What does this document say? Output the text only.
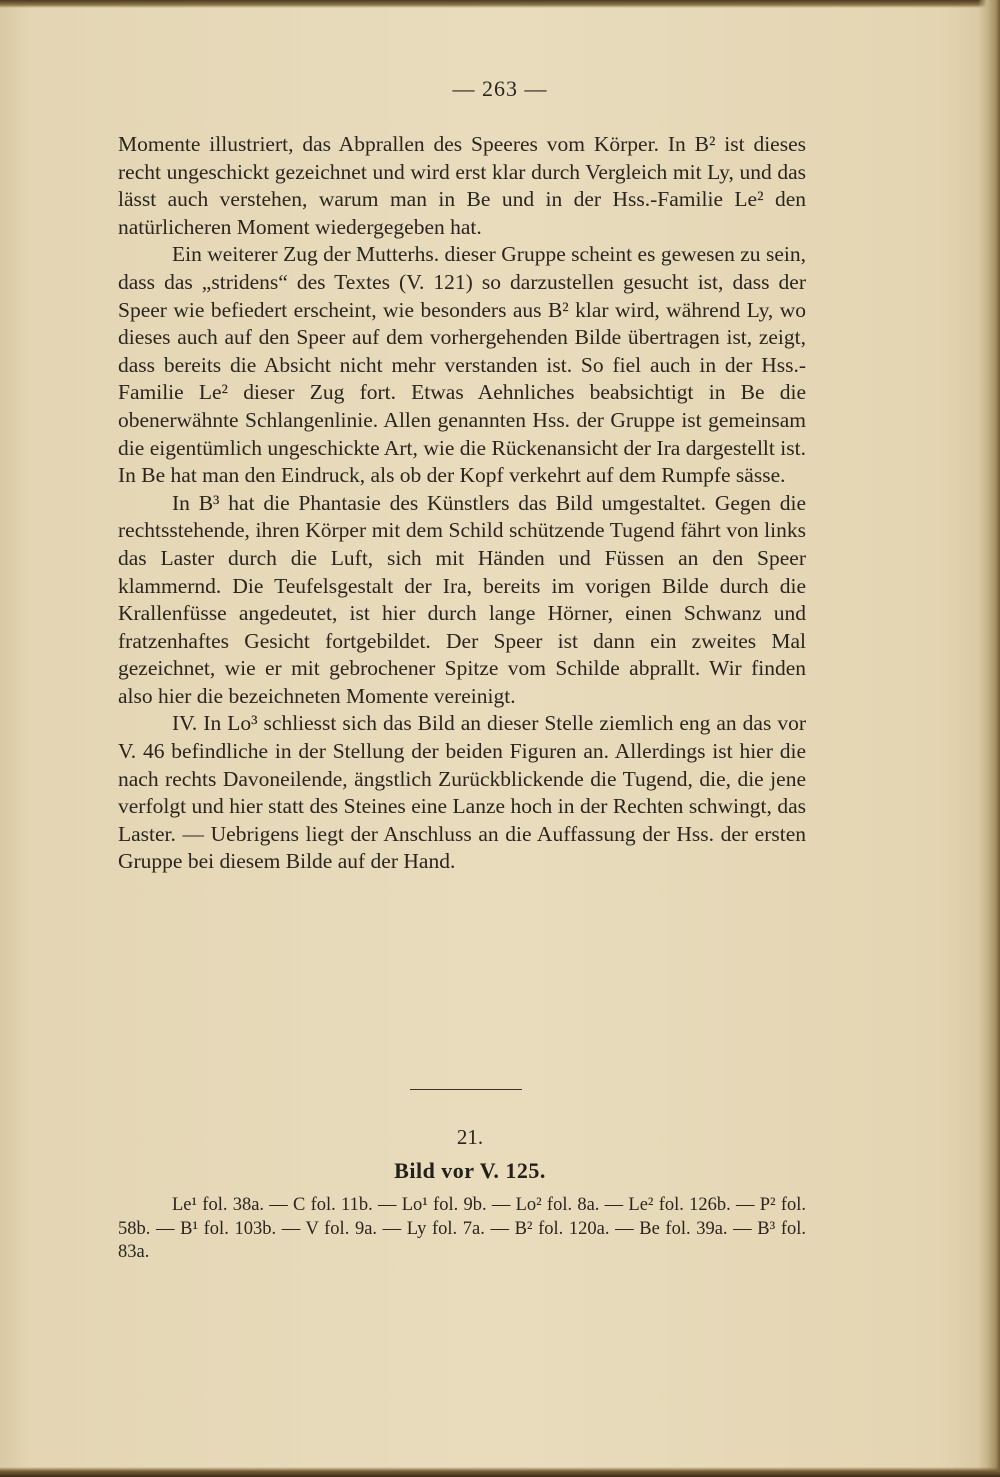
— 263 —

Momente illustriert, das Abprallen des Speeres vom Körper. In B² ist dieses recht ungeschickt gezeichnet und wird erst klar durch Vergleich mit Ly, und das lässt auch verstehen, warum man in Be und in der Hss.-Familie Le² den natürlicheren Moment wiedergegeben hat.

Ein weiterer Zug der Mutterhs. dieser Gruppe scheint es gewesen zu sein, dass das „stridens“ des Textes (V. 121) so darzustellen gesucht ist, dass der Speer wie befiedert erscheint, wie besonders aus B² klar wird, während Ly, wo dieses auch auf den Speer auf dem vorhergehenden Bilde übertragen ist, zeigt, dass bereits die Absicht nicht mehr verstanden ist. So fiel auch in der Hss.-Familie Le² dieser Zug fort. Etwas Aehnliches beabsichtigt in Be die obenerwähnte Schlangenlinie. Allen genannten Hss. der Gruppe ist gemeinsam die eigentümlich ungeschickte Art, wie die Rückenansicht der Ira dargestellt ist. In Be hat man den Eindruck, als ob der Kopf verkehrt auf dem Rumpfe sässe.

In B³ hat die Phantasie des Künstlers das Bild umgestaltet. Gegen die rechtsstehende, ihren Körper mit dem Schild schützende Tugend fährt von links das Laster durch die Luft, sich mit Händen und Füssen an den Speer klammernd. Die Teufelsgestalt der Ira, bereits im vorigen Bilde durch die Krallenfüsse angedeutet, ist hier durch lange Hörner, einen Schwanz und fratzenhaftes Gesicht fortgebildet. Der Speer ist dann ein zweites Mal gezeichnet, wie er mit gebrochener Spitze vom Schilde abprallt. Wir finden also hier die bezeichneten Momente vereinigt.

IV. In Lo³ schliesst sich das Bild an dieser Stelle ziemlich eng an das vor V. 46 befindliche in der Stellung der beiden Figuren an. Allerdings ist hier die nach rechts Davoneilende, ängstlich Zurückblickende die Tugend, die, die jene verfolgt und hier statt des Steines eine Lanze hoch in der Rechten schwingt, das Laster. — Uebrigens liegt der Anschluss an die Auffassung der Hss. der ersten Gruppe bei diesem Bilde auf der Hand.

21.
Bild vor V. 125.

Le¹ fol. 38a. — C fol. 11b. — Lo¹ fol. 9b. — Lo² fol. 8a. — Le² fol. 126b. — P² fol. 58b. — B¹ fol. 103b. — V fol. 9a. — Ly fol. 7a. — B² fol. 120a. — Be fol. 39a. — B³ fol. 83a.
